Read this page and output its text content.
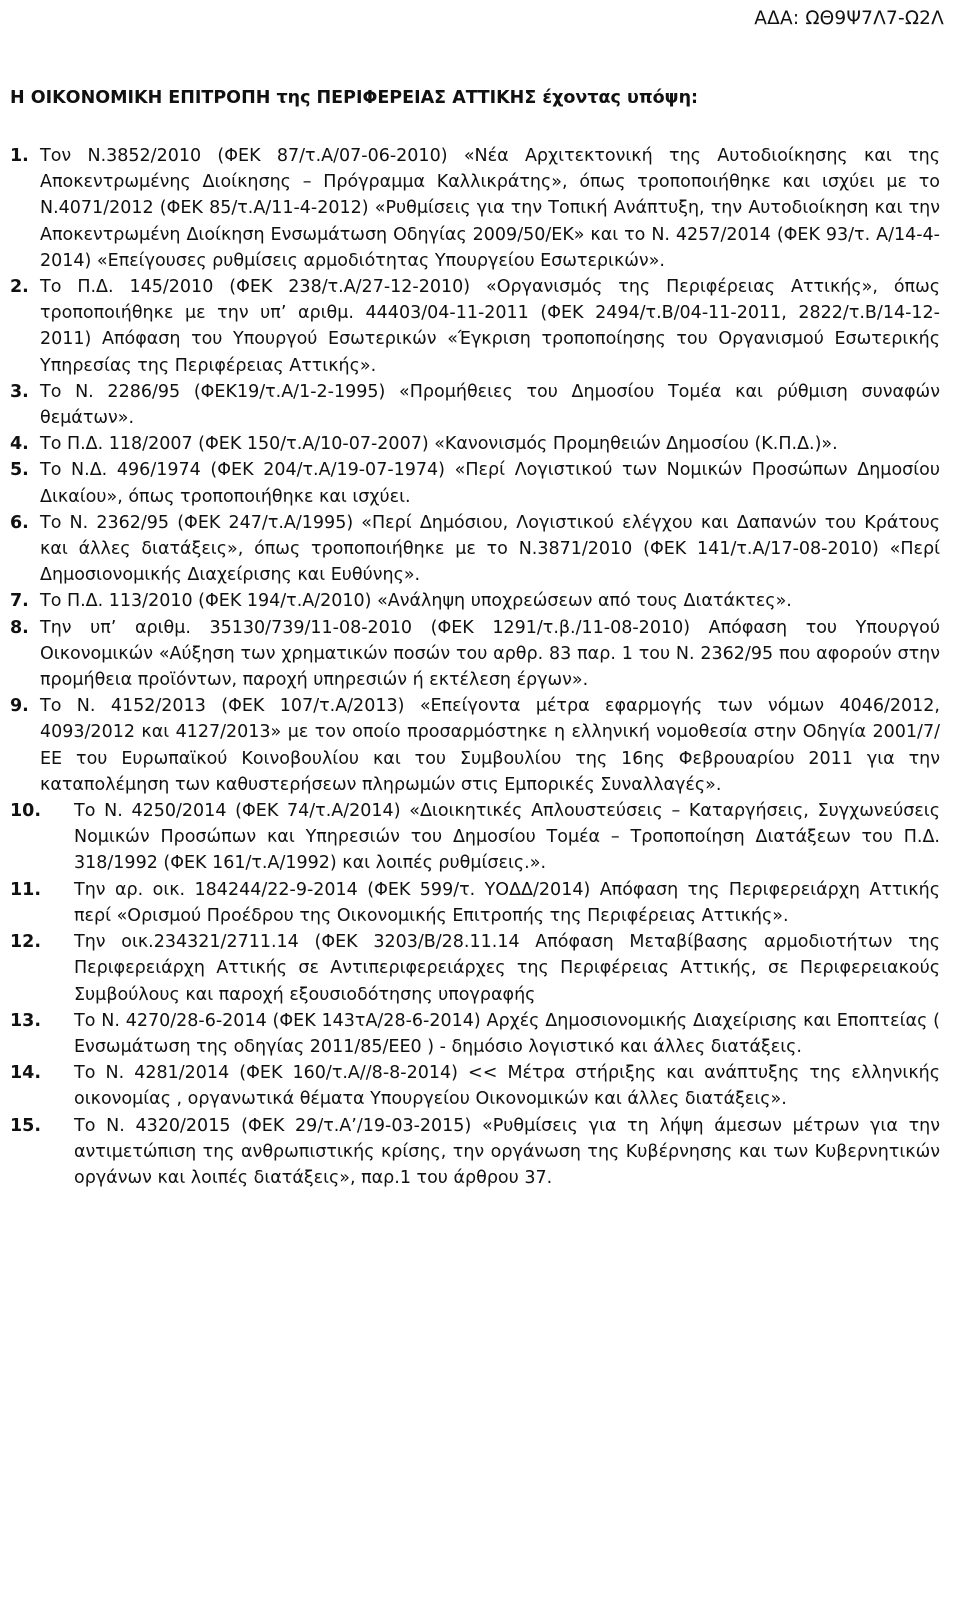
ΑΔΑ: ΩΘ9Ψ7Λ7-Ω2Λ
Η ΟΙΚΟΝΟΜΙΚΗ ΕΠΙΤΡΟΠΗ της ΠΕΡΙΦΕΡΕΙΑΣ ΑΤΤΙΚΗΣ έχοντας υπόψη:
1. Τον Ν.3852/2010 (ΦΕΚ 87/τ.Α/07-06-2010) «Νέα Αρχιτεκτονική της Αυτοδιοίκησης και της Αποκεντρωμένης Διοίκησης – Πρόγραμμα Καλλικράτης», όπως τροποποιήθηκε και ισχύει με το Ν.4071/2012 (ΦΕΚ 85/τ.Α/11-4-2012) «Ρυθμίσεις για την Τοπική Ανάπτυξη, την Αυτοδιοίκηση και την Αποκεντρωμένη Διοίκηση Ενσωμάτωση Οδηγίας 2009/50/ΕΚ» και το Ν. 4257/2014 (ΦΕΚ 93/τ. Α/14-4-2014) «Επείγουσες ρυθμίσεις αρμοδιότητας Υπουργείου Εσωτερικών».
2. Το Π.Δ. 145/2010 (ΦΕΚ 238/τ.Α/27-12-2010) «Οργανισμός της Περιφέρειας Αττικής», όπως τροποποιήθηκε με την υπ’ αριθμ. 44403/04-11-2011 (ΦΕΚ 2494/τ.Β/04-11-2011, 2822/τ.Β/14-12-2011) Απόφαση του Υπουργού Εσωτερικών «Έγκριση τροποποίησης του Οργανισμού Εσωτερικής Υπηρεσίας της Περιφέρειας Αττικής».
3. Το Ν. 2286/95 (ΦΕΚ19/τ.Α/1-2-1995) «Προμήθειες του Δημοσίου Τομέα και ρύθμιση συναφών θεμάτων».
4. Το Π.Δ. 118/2007 (ΦΕΚ 150/τ.Α/10-07-2007) «Κανονισμός Προμηθειών Δημοσίου (Κ.Π.Δ.)».
5. Το Ν.Δ. 496/1974 (ΦΕΚ 204/τ.Α/19-07-1974) «Περί Λογιστικού των Νομικών Προσώπων Δημοσίου Δικαίου», όπως τροποποιήθηκε και ισχύει.
6. Το Ν. 2362/95 (ΦΕΚ 247/τ.Α/1995) «Περί Δημόσιου, Λογιστικού ελέγχου και Δαπανών του Κράτους και άλλες διατάξεις», όπως τροποποιήθηκε με το Ν.3871/2010 (ΦΕΚ 141/τ.Α/17-08-2010) «Περί Δημοσιονομικής Διαχείρισης και Ευθύνης».
7. Το Π.Δ. 113/2010 (ΦΕΚ 194/τ.Α/2010) «Ανάληψη υποχρεώσεων από τους Διατάκτες».
8. Την υπ’ αριθμ. 35130/739/11-08-2010 (ΦΕΚ 1291/τ.β./11-08-2010) Απόφαση του Υπουργού Οικονομικών «Αύξηση των χρηματικών ποσών του αρθρ. 83 παρ. 1 του Ν. 2362/95 που αφορούν στην προμήθεια προϊόντων, παροχή υπηρεσιών ή εκτέλεση έργων».
9. Το Ν. 4152/2013 (ΦΕΚ 107/τ.Α/2013) «Επείγοντα μέτρα εφαρμογής των νόμων 4046/2012, 4093/2012 και 4127/2013» με τον οποίο προσαρμόστηκε η ελληνική νομοθεσία στην Οδηγία 2001/7/ΕΕ του Ευρωπαϊκού Κοινοβουλίου και του Συμβουλίου της 16ης Φεβρουαρίου 2011 για την καταπολέμηση των καθυστερήσεων πληρωμών στις Εμπορικές Συναλλαγές».
10.	Το Ν. 4250/2014 (ΦΕΚ 74/τ.Α/2014) «Διοικητικές Απλουστεύσεις – Καταργήσεις, Συγχωνεύσεις Νομικών Προσώπων και Υπηρεσιών του Δημοσίου Τομέα – Τροποποίηση Διατάξεων του Π.Δ. 318/1992 (ΦΕΚ 161/τ.Α/1992) και λοιπές ρυθμίσεις.».
11.	Την αρ. οικ. 184244/22-9-2014 (ΦΕΚ 599/τ. ΥΟΔΔ/2014) Απόφαση της Περιφερειάρχη Αττικής περί «Ορισμού Προέδρου της Οικονομικής Επιτροπής της Περιφέρειας Αττικής».
12.	Την οικ.234321/2711.14 (ΦΕΚ 3203/Β/28.11.14 Απόφαση Μεταβίβασης αρμοδιοτήτων της Περιφερειάρχη Αττικής σε Αντιπεριφερειάρχες της Περιφέρειας Αττικής, σε Περιφερειακούς Συμβούλους και παροχή εξουσιοδότησης υπογραφής
13.	Το Ν. 4270/28-6-2014 (ΦΕΚ 143τΑ/28-6-2014) Αρχές Δημοσιονομικής Διαχείρισης και Εποπτείας ( Ενσωμάτωση της οδηγίας 2011/85/ΕΕ0 ) - δημόσιο λογιστικό και άλλες διατάξεις.
14.	Το Ν. 4281/2014 (ΦΕΚ 160/τ.Α//8-8-2014) << Μέτρα στήριξης και ανάπτυξης της ελληνικής οικονομίας , οργανωτικά θέματα Υπουργείου Οικονομικών και άλλες διατάξεις».
15.	Το Ν. 4320/2015 (ΦΕΚ 29/τ.Α’/19-03-2015) «Ρυθμίσεις για τη λήψη άμεσων μέτρων για την αντιμετώπιση της ανθρωπιστικής κρίσης, την οργάνωση της Κυβέρνησης και των Κυβερνητικών οργάνων και λοιπές διατάξεις», παρ.1 του άρθρου 37.
